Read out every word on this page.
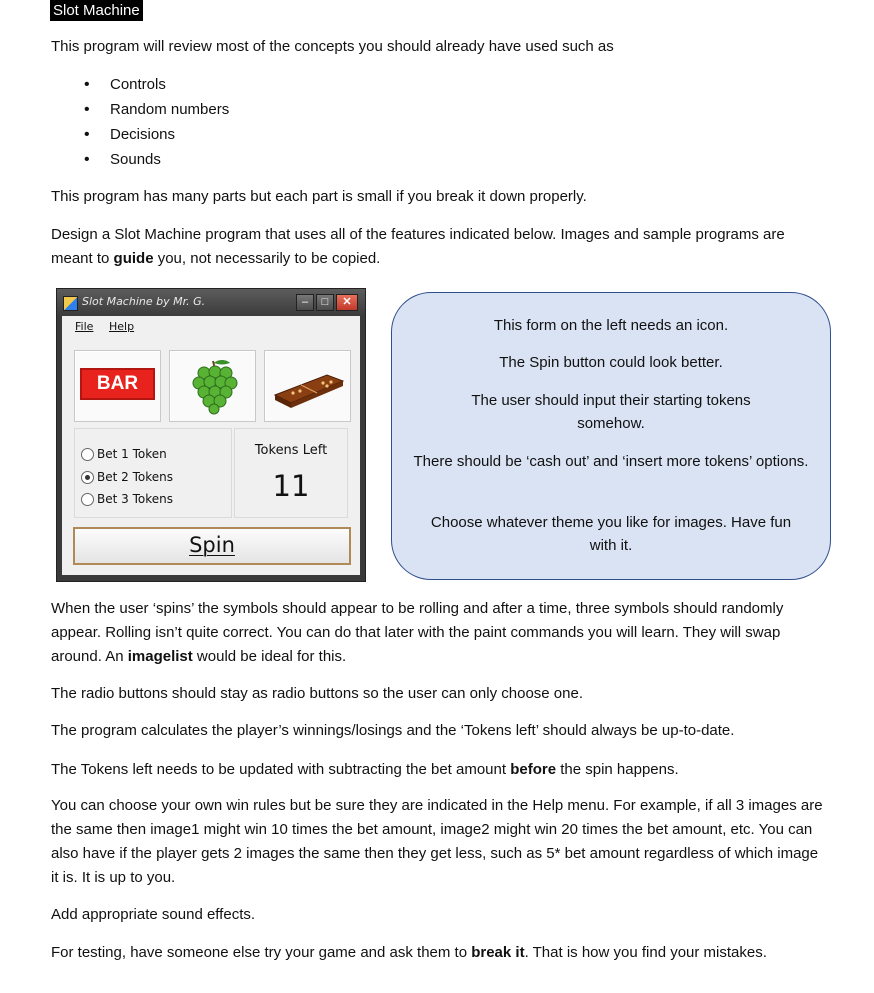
Slot Machine

This program will review most of the concepts you should already have used such as

• Controls
• Random numbers
• Decisions
• Sounds

This program has many parts but each part is small if you break it down properly.

Design a Slot Machine program that uses all of the features indicated below. Images and sample programs are meant to guide you, not necessarily to be copied.

Slot Machine by Mr. G.	–	□	✕
File Help
BAR
Bet 1 Token
Bet 2 Tokens
Bet 3 Tokens
Tokens Left
11
Spin

This form on the left needs an icon.

The Spin button could look better.

The user should input their starting tokens somehow.

There should be ‘cash out’ and ‘insert more tokens’ options.

Choose whatever theme you like for images. Have fun with it.

When the user ‘spins’ the symbols should appear to be rolling and after a time, three symbols should randomly appear. Rolling isn’t quite correct. You can do that later with the paint commands you will learn. They will swap around. An imagelist would be ideal for this.

The radio buttons should stay as radio buttons so the user can only choose one.

The program calculates the player’s winnings/losings and the ‘Tokens left’ should always be up-to-date.

The Tokens left needs to be updated with subtracting the bet amount before the spin happens.

You can choose your own win rules but be sure they are indicated in the Help menu. For example, if all 3 images are the same then image1 might win 10 times the bet amount, image2 might win 20 times the bet amount, etc. You can also have if the player gets 2 images the same then they get less, such as 5* bet amount regardless of which image it is. It is up to you.

Add appropriate sound effects.

For testing, have someone else try your game and ask them to break it. That is how you find your mistakes.
